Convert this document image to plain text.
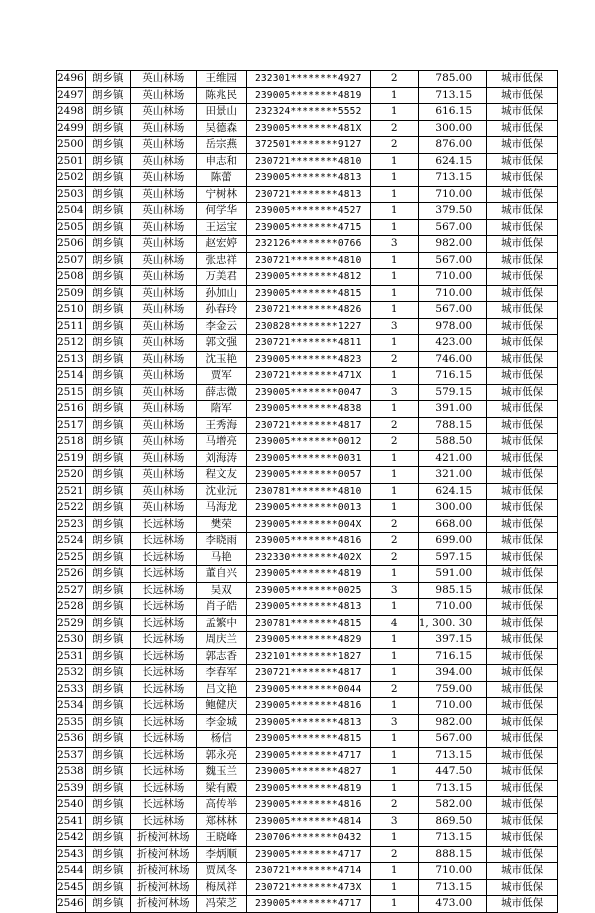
2496	朗乡镇	英山林场	王维园	232301********4927	2	785.00	城市低保
2497	朗乡镇	英山林场	陈兆民	239005********4819	1	713.15	城市低保
2498	朗乡镇	英山林场	田景山	232324********5552	1	616.15	城市低保
2499	朗乡镇	英山林场	吴德森	239005********481X	2	300.00	城市低保
2500	朗乡镇	英山林场	岳宗燕	372501********9127	2	876.00	城市低保
2501	朗乡镇	英山林场	申志和	230721********4810	1	624.15	城市低保
2502	朗乡镇	英山林场	陈蕾	239005********4813	1	713.15	城市低保
2503	朗乡镇	英山林场	宁树林	230721********4813	1	710.00	城市低保
2504	朗乡镇	英山林场	何学华	239005********4527	1	379.50	城市低保
2505	朗乡镇	英山林场	王运宝	239005********4715	1	567.00	城市低保
2506	朗乡镇	英山林场	赵宏婷	232126********0766	3	982.00	城市低保
2507	朗乡镇	英山林场	张忠祥	230721********4810	1	567.00	城市低保
2508	朗乡镇	英山林场	万美君	239005********4812	1	710.00	城市低保
2509	朗乡镇	英山林场	孙加山	239005********4815	1	710.00	城市低保
2510	朗乡镇	英山林场	孙春玲	230721********4826	1	567.00	城市低保
2511	朗乡镇	英山林场	李金云	230828********1227	3	978.00	城市低保
2512	朗乡镇	英山林场	郭文强	230721********4811	1	423.00	城市低保
2513	朗乡镇	英山林场	沈玉艳	239005********4823	2	746.00	城市低保
2514	朗乡镇	英山林场	贾军	230721********471X	1	716.15	城市低保
2515	朗乡镇	英山林场	薛志微	239005********0047	3	579.15	城市低保
2516	朗乡镇	英山林场	隋军	239005********4838	1	391.00	城市低保
2517	朗乡镇	英山林场	王秀海	230721********4817	2	788.15	城市低保
2518	朗乡镇	英山林场	马增亮	239005********0012	2	588.50	城市低保
2519	朗乡镇	英山林场	刘海涛	239005********0031	1	421.00	城市低保
2520	朗乡镇	英山林场	程文友	239005********0057	1	321.00	城市低保
2521	朗乡镇	英山林场	沈业沅	230781********4810	1	624.15	城市低保
2522	朗乡镇	英山林场	马海龙	239005********0013	1	300.00	城市低保
2523	朗乡镇	长远林场	樊荣	239005********004X	2	668.00	城市低保
2524	朗乡镇	长远林场	李晓雨	239005********4816	2	699.00	城市低保
2525	朗乡镇	长远林场	马艳	232330********402X	2	597.15	城市低保
2526	朗乡镇	长远林场	董自兴	239005********4819	1	591.00	城市低保
2527	朗乡镇	长远林场	吴双	239005********0025	3	985.15	城市低保
2528	朗乡镇	长远林场	肖子皓	239005********4813	1	710.00	城市低保
2529	朗乡镇	长远林场	孟繁中	230781********4815	4	1, 300. 30	城市低保
2530	朗乡镇	长远林场	周庆兰	239005********4829	1	397.15	城市低保
2531	朗乡镇	长远林场	郭志香	232101********1827	1	716.15	城市低保
2532	朗乡镇	长远林场	李春军	230721********4817	1	394.00	城市低保
2533	朗乡镇	长远林场	吕文艳	239005********0044	2	759.00	城市低保
2534	朗乡镇	长远林场	鲍健庆	239005********4816	1	710.00	城市低保
2535	朗乡镇	长远林场	李金城	239005********4813	3	982.00	城市低保
2536	朗乡镇	长远林场	杨信	239005********4815	1	567.00	城市低保
2537	朗乡镇	长远林场	郭永亮	239005********4717	1	713.15	城市低保
2538	朗乡镇	长远林场	魏玉兰	239005********4827	1	447.50	城市低保
2539	朗乡镇	长远林场	梁有殿	239005********4819	1	713.15	城市低保
2540	朗乡镇	长远林场	高传举	239005********4816	2	582.00	城市低保
2541	朗乡镇	长远林场	郑林林	239005********4814	3	869.50	城市低保
2542	朗乡镇	折棱河林场	王晓峰	230706********0432	1	713.15	城市低保
2543	朗乡镇	折棱河林场	李炳顺	239005********4717	2	888.15	城市低保
2544	朗乡镇	折棱河林场	贾凤冬	230721********4714	1	710.00	城市低保
2545	朗乡镇	折棱河林场	梅凤祥	230721********473X	1	713.15	城市低保
2546	朗乡镇	折棱河林场	冯荣芝	239005********4717	1	473.00	城市低保
